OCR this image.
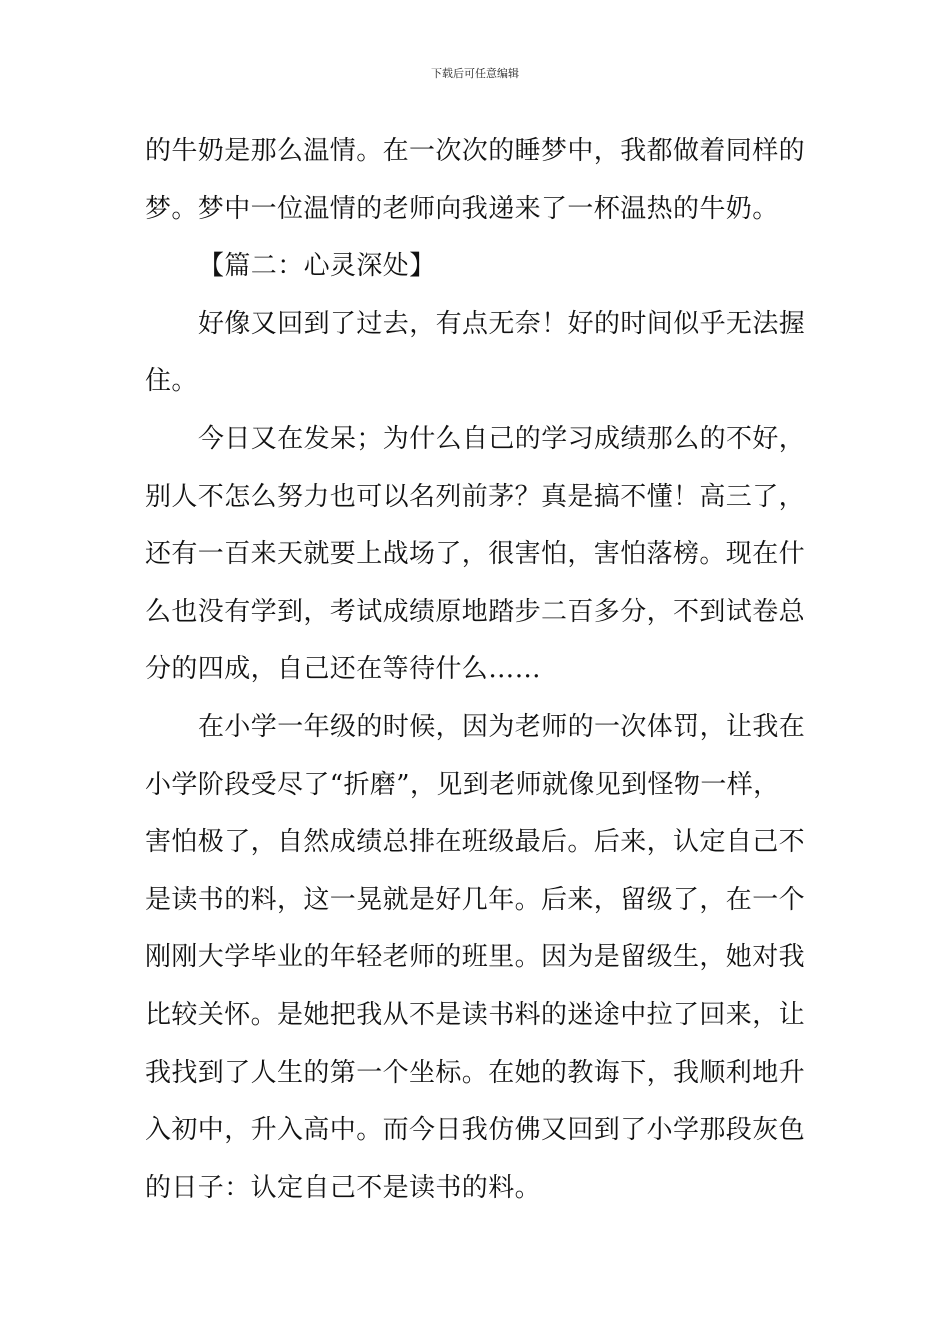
下载后可任意编辑
的牛奶是那么温情。在一次次的睡梦中，我都做着同样的
梦。梦中一位温情的老师向我递来了一杯温热的牛奶。
【篇二：心灵深处】
好像又回到了过去，有点无奈！好的时间似乎无法握
住。
今日又在发呆；为什么自己的学习成绩那么的不好，
别人不怎么努力也可以名列前茅？真是搞不懂！高三了，
还有一百来天就要上战场了，很害怕，害怕落榜。现在什
么也没有学到，考试成绩原地踏步二百多分，不到试卷总
分的四成，自己还在等待什么……
在小学一年级的时候，因为老师的一次体罚，让我在
小学阶段受尽了“折磨”，见到老师就像见到怪物一样，
害怕极了，自然成绩总排在班级最后。后来，认定自己不
是读书的料，这一晃就是好几年。后来，留级了，在一个
刚刚大学毕业的年轻老师的班里。因为是留级生，她对我
比较关怀。是她把我从不是读书料的迷途中拉了回来，让
我找到了人生的第一个坐标。在她的教诲下，我顺利地升
入初中，升入高中。而今日我仿佛又回到了小学那段灰色
的日子：认定自己不是读书的料。
